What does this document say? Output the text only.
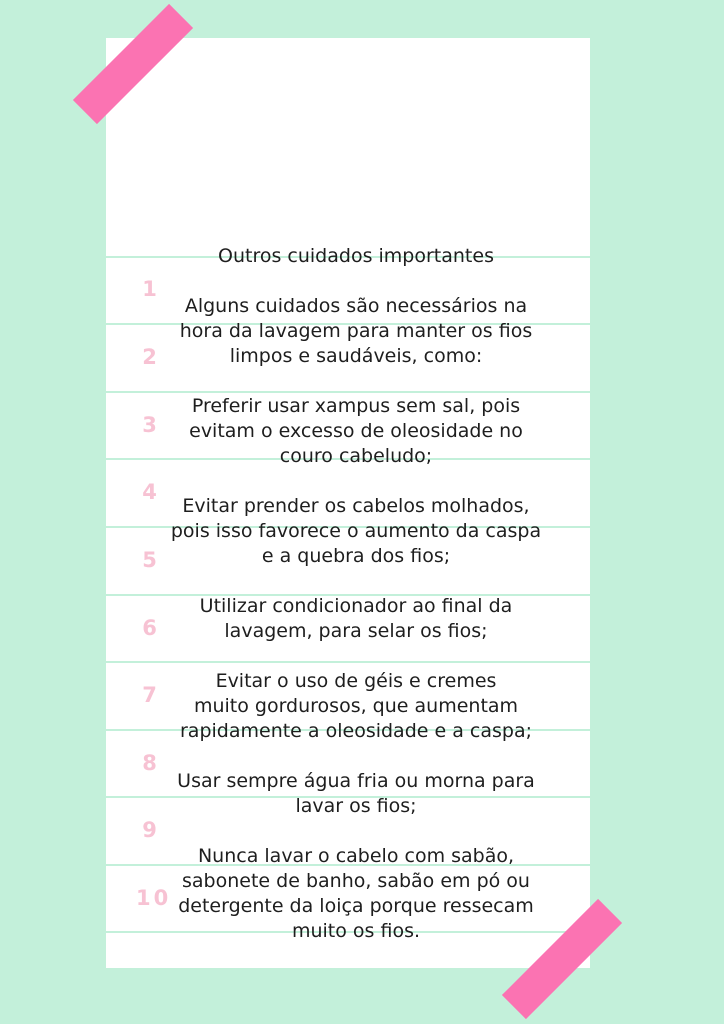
1
2
3
4
5
6
7
8
9
10

Outros cuidados importantes

Alguns cuidados são necessários na
hora da lavagem para manter os fios
limpos e saudáveis, como:

Preferir usar xampus sem sal, pois
evitam o excesso de oleosidade no
couro cabeludo;

Evitar prender os cabelos molhados,
pois isso favorece o aumento da caspa
e a quebra dos fios;

Utilizar condicionador ao final da
lavagem, para selar os fios;

Evitar o uso de géis e cremes
muito gordurosos, que aumentam
rapidamente a oleosidade e a caspa;

Usar sempre água fria ou morna para
lavar os fios;

Nunca lavar o cabelo com sabão,
sabonete de banho, sabão em pó ou
detergente da loiça porque ressecam
muito os fios.
